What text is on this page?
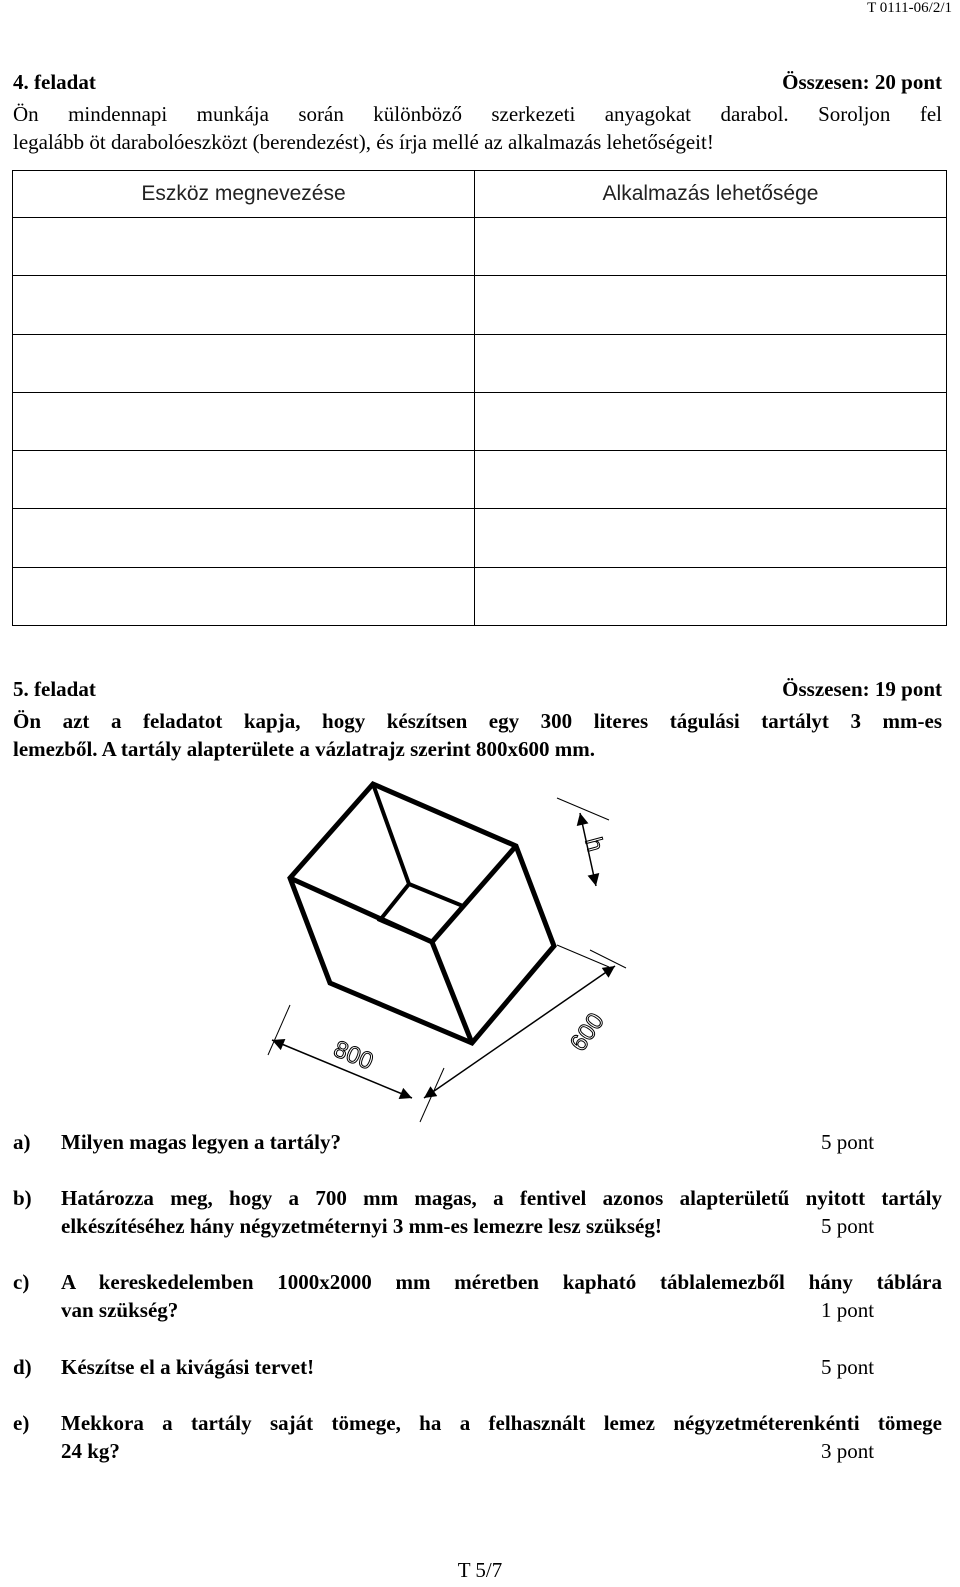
T 0111-06/2/1
4. feladat	Összesen: 20 pont
Ön mindennapi munkája során különböző szerkezeti anyagokat darabol. Soroljon fel
legalább öt darabolóeszközt (berendezést), és írja mellé az alkalmazás lehetőségeit!
Eszköz megnevezése	Alkalmazás lehetősége

5. feladat	Összesen: 19 pont
Ön azt a feladatot kapja, hogy készítsen egy 300 literes tágulási tartályt 3 mm-es
lemezből. A tartály alapterülete a vázlatrajz szerint 800x600 mm.
h
800	600
a) Milyen magas legyen a tartály?	5 pont
b) Határozza meg, hogy a 700 mm magas, a fentivel azonos alapterületű nyitott tartály
elkészítéséhez hány négyzetméternyi 3 mm-es lemezre lesz szükség!	5 pont
c) A kereskedelemben 1000x2000 mm méretben kapható táblalemezből hány táblára
van szükség?	1 pont
d) Készítse el a kivágási tervet!	5 pont
e) Mekkora a tartály saját tömege, ha a felhasznált lemez négyzetméterenkénti tömege
24 kg?	3 pont
T 5/7
